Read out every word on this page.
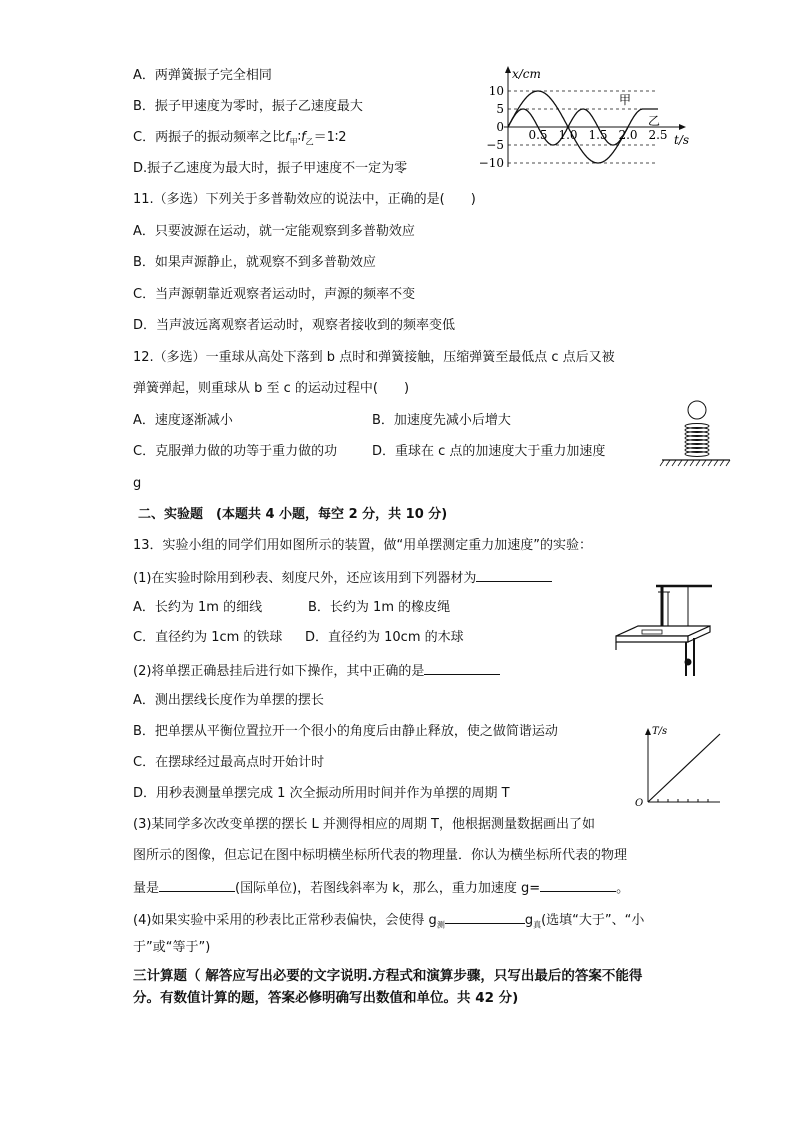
A．两弹簧振子完全相同
B．振子甲速度为零时，振子乙速度最大
C．两振子的振动频率之比$f_甲∶f_乙=1∶2$
D.振子乙速度为最大时，振子甲速度不一定为零
x/cm
t/s
10
5
0
−5
−10
0.5 1.0 1.5 2.0 2.5
甲
乙
11.（多选）下列关于多普勒效应的说法中，正确的是(　　)
A．只要波源在运动，就一定能观察到多普勒效应
B．如果声源静止，就观察不到多普勒效应
C．当声源朝靠近观察者运动时，声源的频率不变
D．当声波远离观察者运动时，观察者接收到的频率变低
12.（多选）一重球从高处下落到 b 点时和弹簧接触，压缩弹簧至最低点 c 点后又被
弹簧弹起，则重球从 b 至 c 的运动过程中(　　)
A．速度逐渐减小	B．加速度先减小后增大
C．克服弹力做的功等于重力做的功	D．重球在 c 点的加速度大于重力加速度
g
二、实验题　(本题共 4 小题，每空 2 分，共 10 分)
13．实验小组的同学们用如图所示的装置，做“用单摆测定重力加速度”的实验：
(1)在实验时除用到秒表、刻度尺外，还应该用到下列器材为
A．长约为 1m 的细线	B．长约为 1m 的橡皮绳
C．直径约为 1cm 的铁球 D．直径约为 10cm 的木球
(2)将单摆正确悬挂后进行如下操作，其中正确的是
A．测出摆线长度作为单摆的摆长
B．把单摆从平衡位置拉开一个很小的角度后由静止释放，使之做简谐运动
C．在摆球经过最高点时开始计时
D．用秒表测量单摆完成 1 次全振动所用时间并作为单摆的周期 T
T/s
O
(3)某同学多次改变单摆的摆长 L 并测得相应的周期 T，他根据测量数据画出了如
图所示的图像，但忘记在图中标明横坐标所代表的物理量．你认为横坐标所代表的物理
量是	(国际单位)，若图线斜率为 k，那么，重力加速度 g=	。
(4)如果实验中采用的秒表比正常秒表偏快，会使得 $g_测$	$g_真$(选填“大于”、“小
于”或“等于”)
三计算题（ 解答应写出必要的文字说明.方程式和演算步骤，只写出最后的答案不能得
分。有数值计算的题，答案必修明确写出数值和单位。共 42 分)
